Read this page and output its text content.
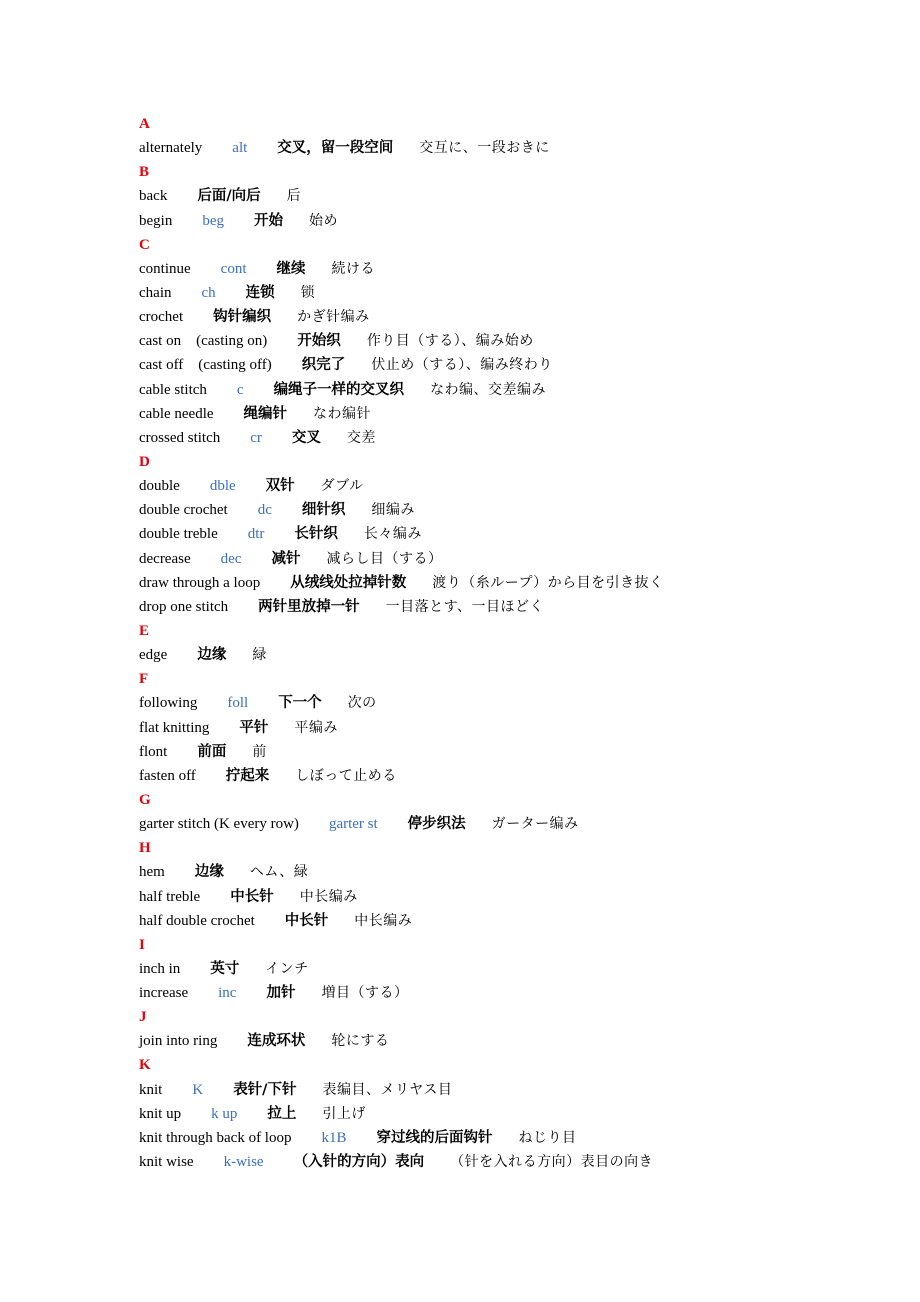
A
alternately alt 交叉，留一段空间 交互に、一段おきに
B
back 后面/向后 后
begin beg 开始 始め
C
continue cont 继续 続ける
chain ch 连锁 锁
crochet 钩针编织 かぎ针编み
cast on　(casting on) 开始织 作り目（する）、编み始め
cast off　(casting off) 织完了 伏止め（する）、编み终わり
cable stitch c 编绳子一样的交叉织 なわ编、交差编み
cable needle 绳编针 なわ编针
crossed stitch cr 交叉 交差
D
double dble 双针 ダブル
double crochet dc 细针织 细编み
double treble dtr 长针织 长々编み
decrease dec 减针 减らし目（する）
draw through a loop 从绒线处拉掉针数 渡り（糸ループ）から目を引き抜く
drop one stitch 两针里放掉一针 一目落とす、一目ほどく
E
edge 边缘 緑
F
following foll 下一个 次の
flat knitting 平针 平编み
flont 前面 前
fasten off 拧起来 しぼって止める
G
garter stitch (K every row) garter st 停步织法 ガーター编み
H
hem 边缘 ヘム、緑
half treble 中长针 中长编み
half double crochet 中长针 中长编み
I
inch in 英寸 インチ
increase inc 加针 増目（する）
J
join into ring 连成环状 轮にする
K
knit K 表针/下针 表编目、メリヤス目
knit up k up 拉上 引上げ
knit through back of loop k1B 穿过线的后面钩针 ねじり目
knit wise k-wise （入针的方向）表向 （针を入れる方向）表目の向き
